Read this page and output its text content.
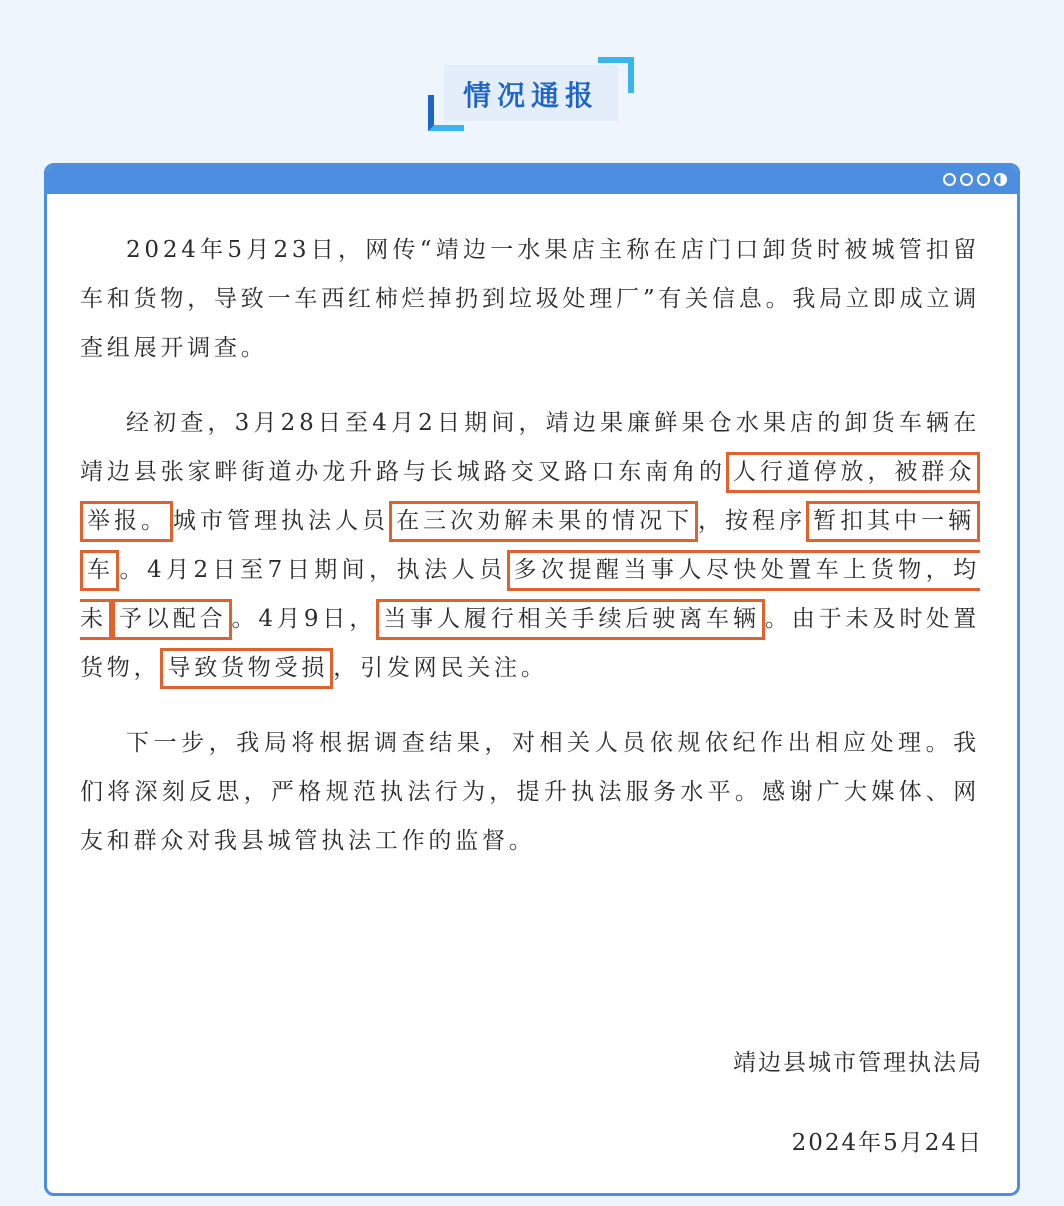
情况通报

2024年5月23日，网传“靖边一水果店主称在店门口卸货时被城管扣留车和货物，导致一车西红柿烂掉扔到垃圾处理厂”有关信息。我局立即成立调查组展开调查。

经初查，3月28日至4月2日期间，靖边果廉鲜果仓水果店的卸货车辆在靖边县张家畔街道办龙升路与长城路交叉路口东南角的 人行道停放，被群众举报。 城市管理执法人员 在三次劝解未果的情况下 ，按程序 暂扣其中一辆车 。4月2日至7日期间，执法人员 多次提醒当事人尽快处置车上货物，均未 予以配合 。4月9日， 当事人履行相关手续后驶离车辆 。由于未及时处置货物， 导致货物受损 ，引发网民关注。

下一步，我局将根据调查结果，对相关人员依规依纪作出相应处理。我们将深刻反思，严格规范执法行为，提升执法服务水平。感谢广大媒体、网友和群众对我县城管执法工作的监督。

靖边县城市管理执法局
2024年5月24日
